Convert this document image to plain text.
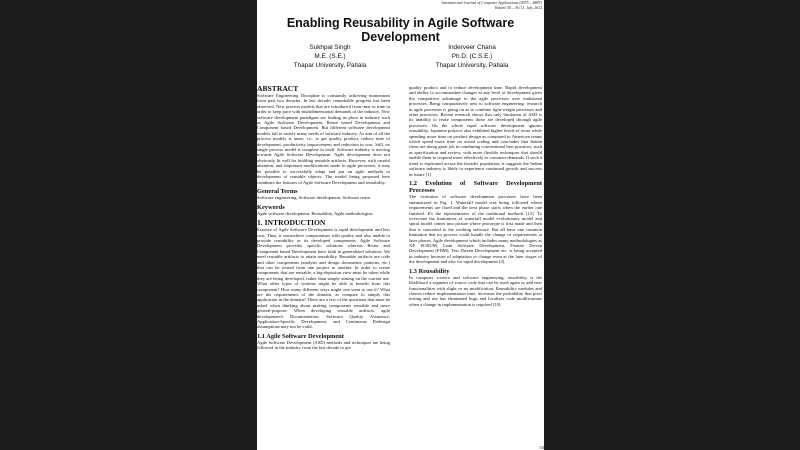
International Journal of Computer Applications (0975 – 8887)
Volume 50 – No.11, July 2012
Enabling Reusability in Agile Software Development
Sukhpal Singh
M.E. (S.E.)
Thapar University, Patiala
Inderveer Chana
Ph.D. (C.S.E.)
Thapar University, Patiala
ABSTRACT

Software Engineering Discipline is constantly achieving momentum from past two decades. In last decade, remarkable progress has been observed. New process models that are introduced from time to time in order to keep pace with multidimensional demands of the industry. New software development paradigms are finding its place in industry such as Agile Software Development, Reuse based Development and Component based Development. But different software development models fail to satisfy many needs of software industry. As aim of all the process models is same, i.e., to get quality product, reduce time of development, productivity improvement and reduction in cost. Still, no single process model is complete in itself. Software industry is moving towards Agile Software Development. Agile development does not obviously fit well for building reusable artifacts. However, with careful attention, and important modifications made to agile processes, it may be possible to successfully adapt and put on agile methods to development of reusable objects. The model being proposed here combines the features of Agile Software Development and reusability.

General Terms

Software engineering, Software development, Software reuse.

Keywords

Agile software development, Reusability, Agile methodologies.

1. INTRODUCTION

Essence of Agile Software Development is rapid development and less cost. Thus, it somewhere compromises with quality and also unable to provide reusability in its developed components. Agile Software Development provides specific solutions whereas Reuse and Component based Development have faith in generalized solutions. We need reusable artifacts to attain reusability. Reusable artifacts are code and other components (analysis and design documents, patterns, etc.) that can be reused from one project to another. In order to create components that are reusable, a big-depiction view must be taken while they are being developed, rather than simply aiming on the current use. What other types of systems might be able to benefit from this component? How many different ways might one want to use it? What are the requirements of the domain, as compare to simply this application in the domain? These are a few of the questions that must be asked when thinking about making components reusable and more general-purpose. When developing reusable artifacts, agile development's Documentation, Software Quality Assurance, Application-Specific Development, and Continuous Redesign assumptions may not be valid.

1.1 Agile Software Development

Agile Software Development (ASD) methods and techniques are being followed in the industry from the last decade to get

quality product and to reduce development time. Rapid development and ability to accommodate changes at any level of development gives the competitive advantage to the agile processes over traditional processes. Bring comparatively new to software engineering; research in agile processes is going on as to combine light-weight processes and other processes. Recent research shows that only limitation of ASD is its inability to reuse components those are developed through agile processes. On the whole rapid software development ignores reusability. Japanese projects also exhibited higher levels of reuse while spending more time on product design as compared to American teams which spend more time on actual coding and concludes that Indian firms are doing great job in combining conventional best practices, such as specification and review, with more flexible techniques that should enable them to respond more effectively to customer demands. If such a trend is replicated across the broader population, it suggests the Indian software industry is likely to experience continued growth and success in future [1].

1.2 Evolution of Software Development Processes

The evolution of software development processes have been summarized in Fig. 1. Waterfall model was being followed where requirements are fixed and the next phase starts when the earlier one finished. It's the representative of the traditional methods [13]. To overcome the limitations of waterfall model evolutionary model and spiral model comes into picture where prototype is first made and then that is converted to the working software. But all have one common limitation that no process could handle the change of requirements at later phases. Agile development which includes many methodologies as XP, SCRUM, Lean Software Development, Feature Driven Development (FDM), Test Driven Development etc. is being accepted in industry because of adaptation to change even at the later stages of the development and also for rapid development [2].

1.3 Reusability

In computer science and software engineering, reusability is the likelihood a segment of source code that can be used again to add new functionalities with slight or no modification. Reusability modules and classes reduce implementation time, increases the probability that prior testing and use has eliminated bugs and localizes code modifications when a change in implementation is required [19].

33
